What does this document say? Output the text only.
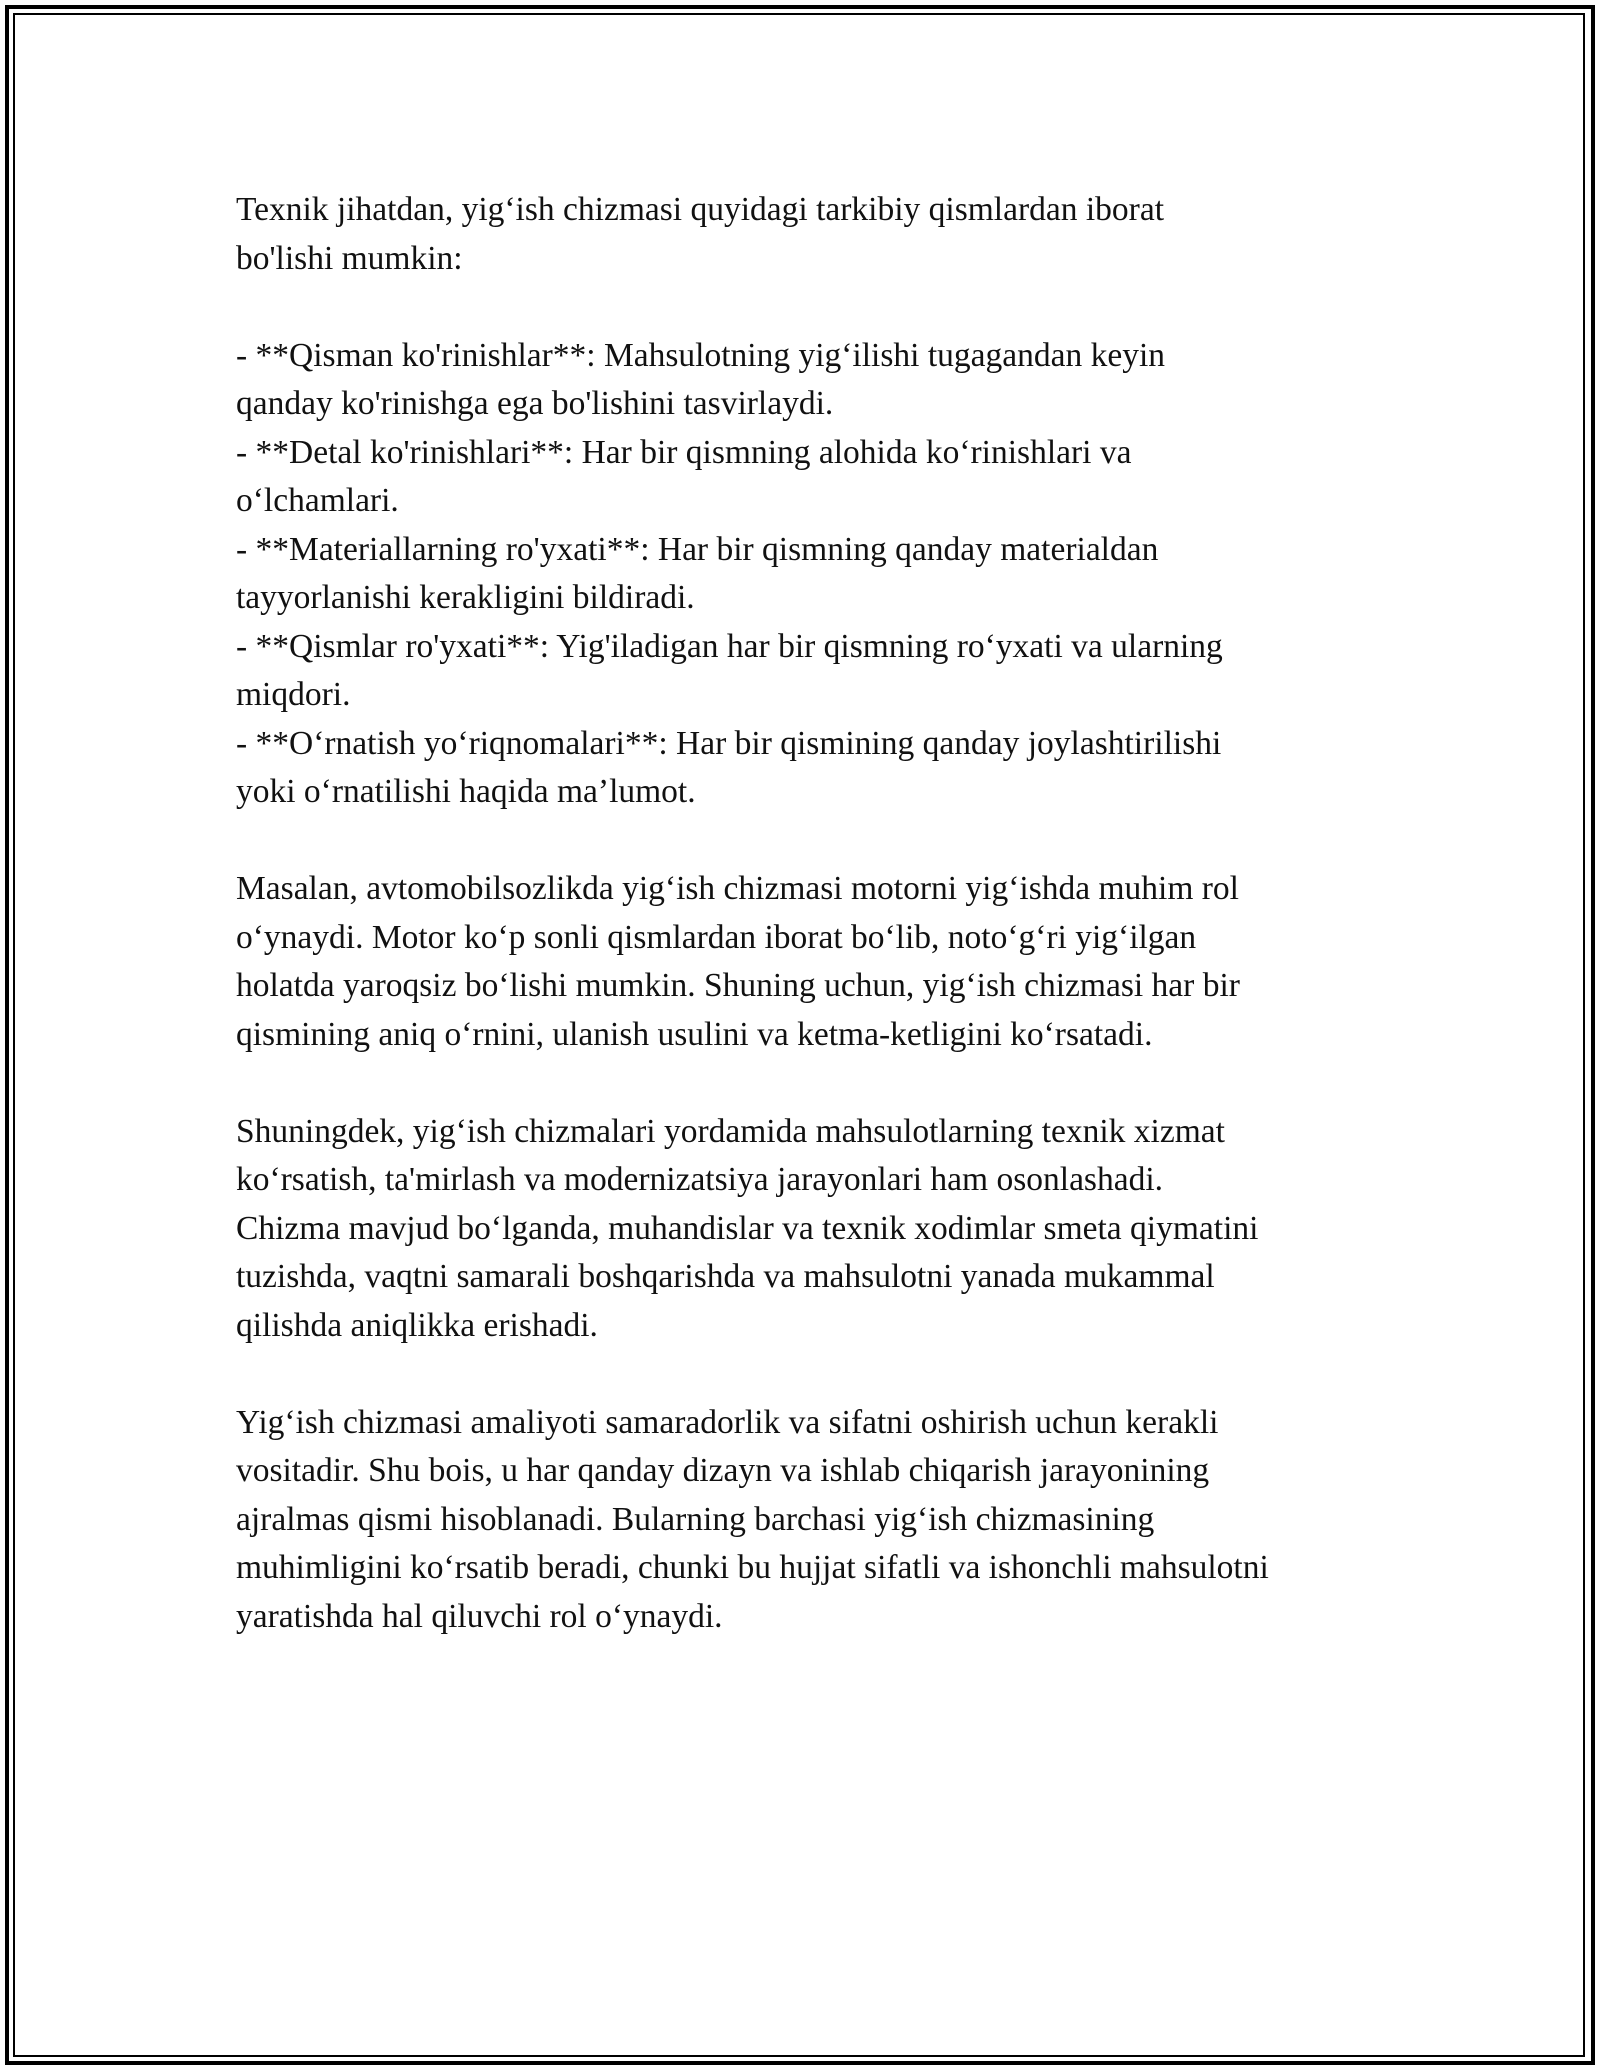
Texnik jihatdan, yig‘ish chizmasi quyidagi tarkibiy qismlardan iborat
bo'lishi mumkin:

- **Qisman ko'rinishlar**: Mahsulotning yig‘ilishi tugagandan keyin
qanday ko'rinishga ega bo'lishini tasvirlaydi.
- **Detal ko'rinishlari**: Har bir qismning alohida ko‘rinishlari va
o‘lchamlari.
- **Materiallarning ro'yxati**: Har bir qismning qanday materialdan
tayyorlanishi kerakligini bildiradi.
- **Qismlar ro'yxati**: Yig'iladigan har bir qismning ro‘yxati va ularning
miqdori.
- **O‘rnatish yo‘riqnomalari**: Har bir qismining qanday joylashtirilishi
yoki o‘rnatilishi haqida ma’lumot.

Masalan, avtomobilsozlikda yig‘ish chizmasi motorni yig‘ishda muhim rol
o‘ynaydi. Motor ko‘p sonli qismlardan iborat bo‘lib, noto‘g‘ri yig‘ilgan
holatda yaroqsiz bo‘lishi mumkin. Shuning uchun, yig‘ish chizmasi har bir
qismining aniq o‘rnini, ulanish usulini va ketma-ketligini ko‘rsatadi.

Shuningdek, yig‘ish chizmalari yordamida mahsulotlarning texnik xizmat
ko‘rsatish, ta'mirlash va modernizatsiya jarayonlari ham osonlashadi.
Chizma mavjud bo‘lganda, muhandislar va texnik xodimlar smeta qiymatini
tuzishda, vaqtni samarali boshqarishda va mahsulotni yanada mukammal
qilishda aniqlikka erishadi.

Yig‘ish chizmasi amaliyoti samaradorlik va sifatni oshirish uchun kerakli
vositadir. Shu bois, u har qanday dizayn va ishlab chiqarish jarayonining
ajralmas qismi hisoblanadi. Bularning barchasi yig‘ish chizmasining
muhimligini ko‘rsatib beradi, chunki bu hujjat sifatli va ishonchli mahsulotni
yaratishda hal qiluvchi rol o‘ynaydi.
